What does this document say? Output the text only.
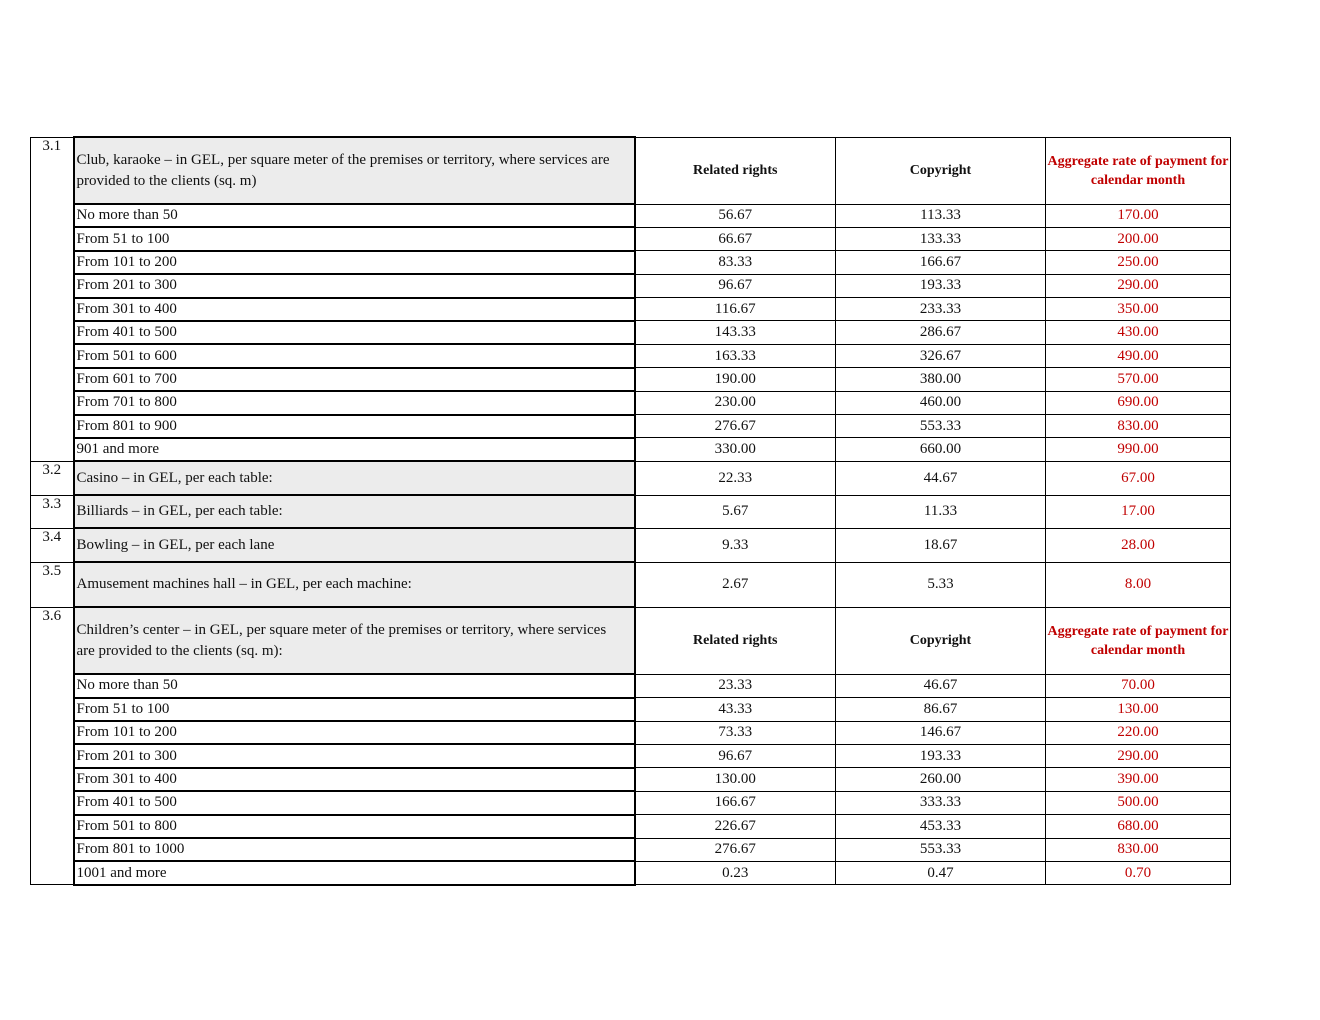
3.1	Club, karaoke – in GEL, per square meter of the premises or territory, where services are provided to the clients (sq. m)	Related rights	Copyright	Aggregate rate of payment for calendar month
	No more than 50	56.67	113.33	170.00
	From 51 to 100	66.67	133.33	200.00
	From 101 to 200	83.33	166.67	250.00
	From 201 to 300	96.67	193.33	290.00
	From 301 to 400	116.67	233.33	350.00
	From 401 to 500	143.33	286.67	430.00
	From 501 to 600	163.33	326.67	490.00
	From 601 to 700	190.00	380.00	570.00
	From 701 to 800	230.00	460.00	690.00
	From 801 to 900	276.67	553.33	830.00
	901 and more	330.00	660.00	990.00
3.2	Casino – in GEL, per each table:	22.33	44.67	67.00
3.3	Billiards – in GEL, per each table:	5.67	11.33	17.00
3.4	Bowling – in GEL, per each lane	9.33	18.67	28.00
3.5	Amusement machines hall – in GEL, per each machine:	2.67	5.33	8.00
3.6	Children’s center – in GEL, per square meter of the premises or territory, where services are provided to the clients (sq. m):	Related rights	Copyright	Aggregate rate of payment for calendar month
	No more than 50	23.33	46.67	70.00
	From 51 to 100	43.33	86.67	130.00
	From 101 to 200	73.33	146.67	220.00
	From 201 to 300	96.67	193.33	290.00
	From 301 to 400	130.00	260.00	390.00
	From 401 to 500	166.67	333.33	500.00
	From 501 to 800	226.67	453.33	680.00
	From 801 to 1000	276.67	553.33	830.00
	1001 and more	0.23	0.47	0.70
